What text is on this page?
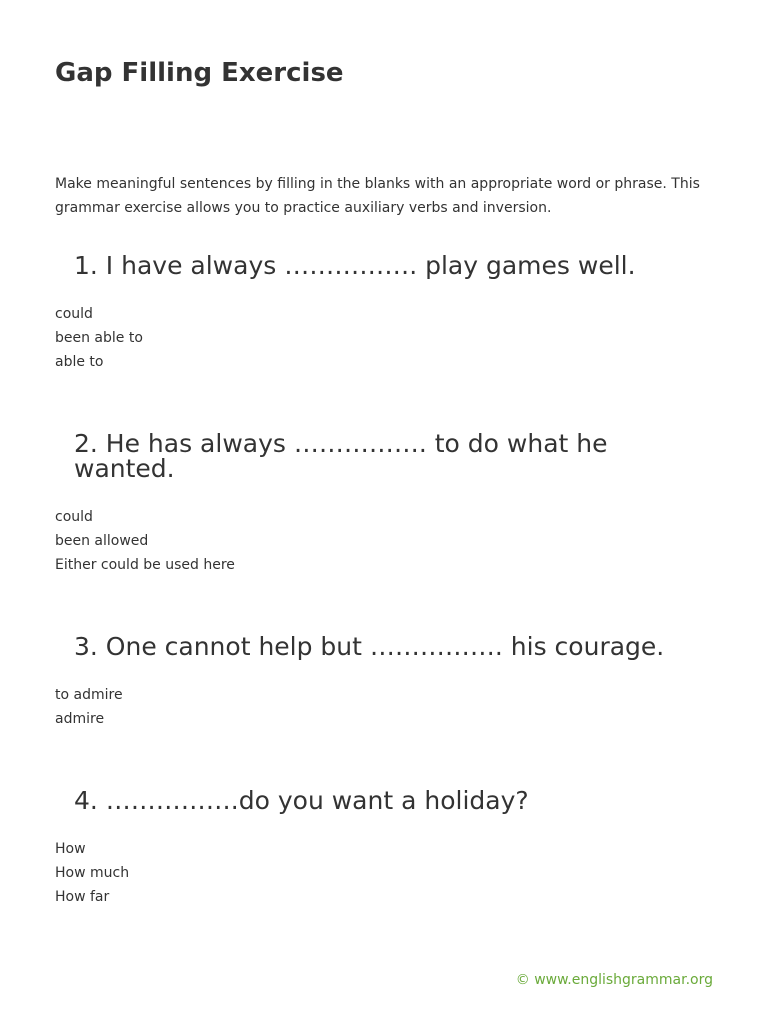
Gap Filling Exercise

Make meaningful sentences by filling in the blanks with an appropriate word or phrase. This grammar exercise allows you to practice auxiliary verbs and inversion.

1. I have always ……………. play games well.
could
been able to
able to
2. He has always ……………. to do what he wanted.
could
been allowed
Either could be used here
3. One cannot help but ……………. his courage.
to admire
admire
4. …………….do you want a holiday?
How
How much
How far
© www.englishgrammar.org
